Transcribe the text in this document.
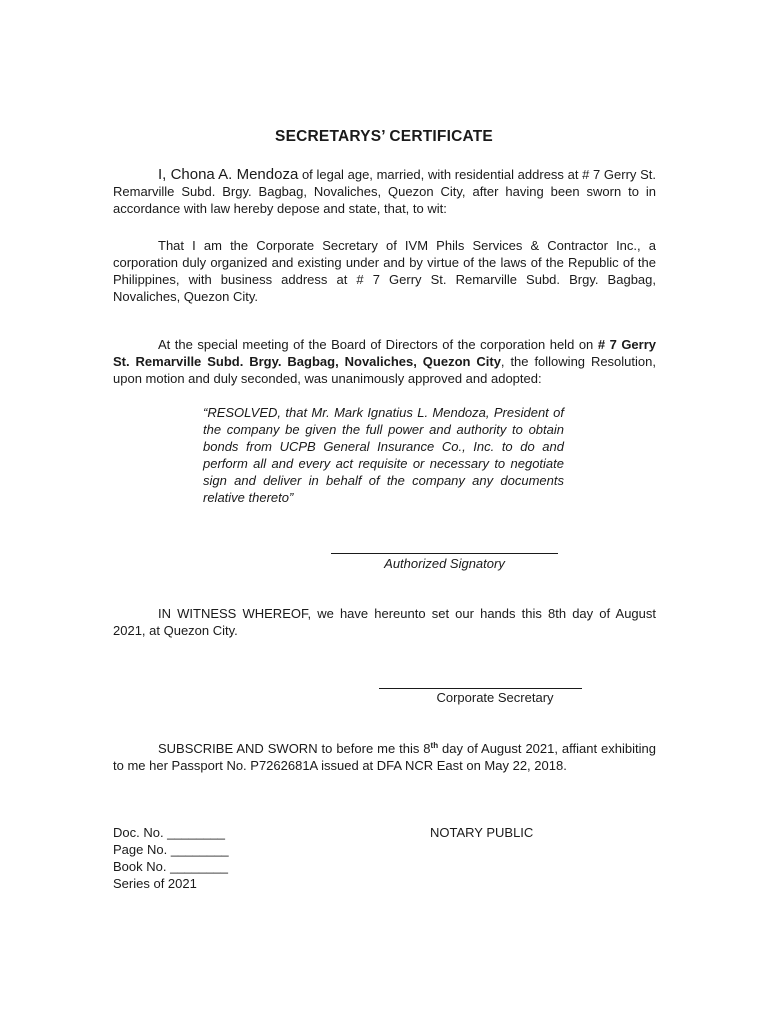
SECRETARYS’ CERTIFICATE
I, Chona A. Mendoza of legal age, married, with residential address at # 7 Gerry St. Remarville Subd. Brgy. Bagbag, Novaliches, Quezon City, after having been sworn to in accordance with law hereby depose and state, that, to wit:
That I am the Corporate Secretary of IVM Phils Services & Contractor Inc., a corporation duly organized and existing under and by virtue of the laws of the Republic of the Philippines, with business address at # 7 Gerry St. Remarville Subd. Brgy. Bagbag, Novaliches, Quezon City.
At the special meeting of the Board of Directors of the corporation held on # 7 Gerry St. Remarville Subd. Brgy. Bagbag, Novaliches, Quezon City, the following Resolution, upon motion and duly seconded, was unanimously approved and adopted:
“RESOLVED, that Mr. Mark Ignatius L. Mendoza, President of the company be given the full power and authority to obtain bonds from UCPB General Insurance Co., Inc. to do and perform all and every act requisite or necessary to negotiate sign and deliver in behalf of the company any documents relative thereto”
Authorized Signatory
IN WITNESS WHEREOF, we have hereunto set our hands this 8th day of August 2021, at Quezon City.
Corporate Secretary
SUBSCRIBE AND SWORN to before me this 8th day of August 2021, affiant exhibiting to me her Passport No. P7262681A issued at DFA NCR East on May 22, 2018.
Doc. No. ________
Page No. ________
Book No. ________
Series of 2021
NOTARY PUBLIC
